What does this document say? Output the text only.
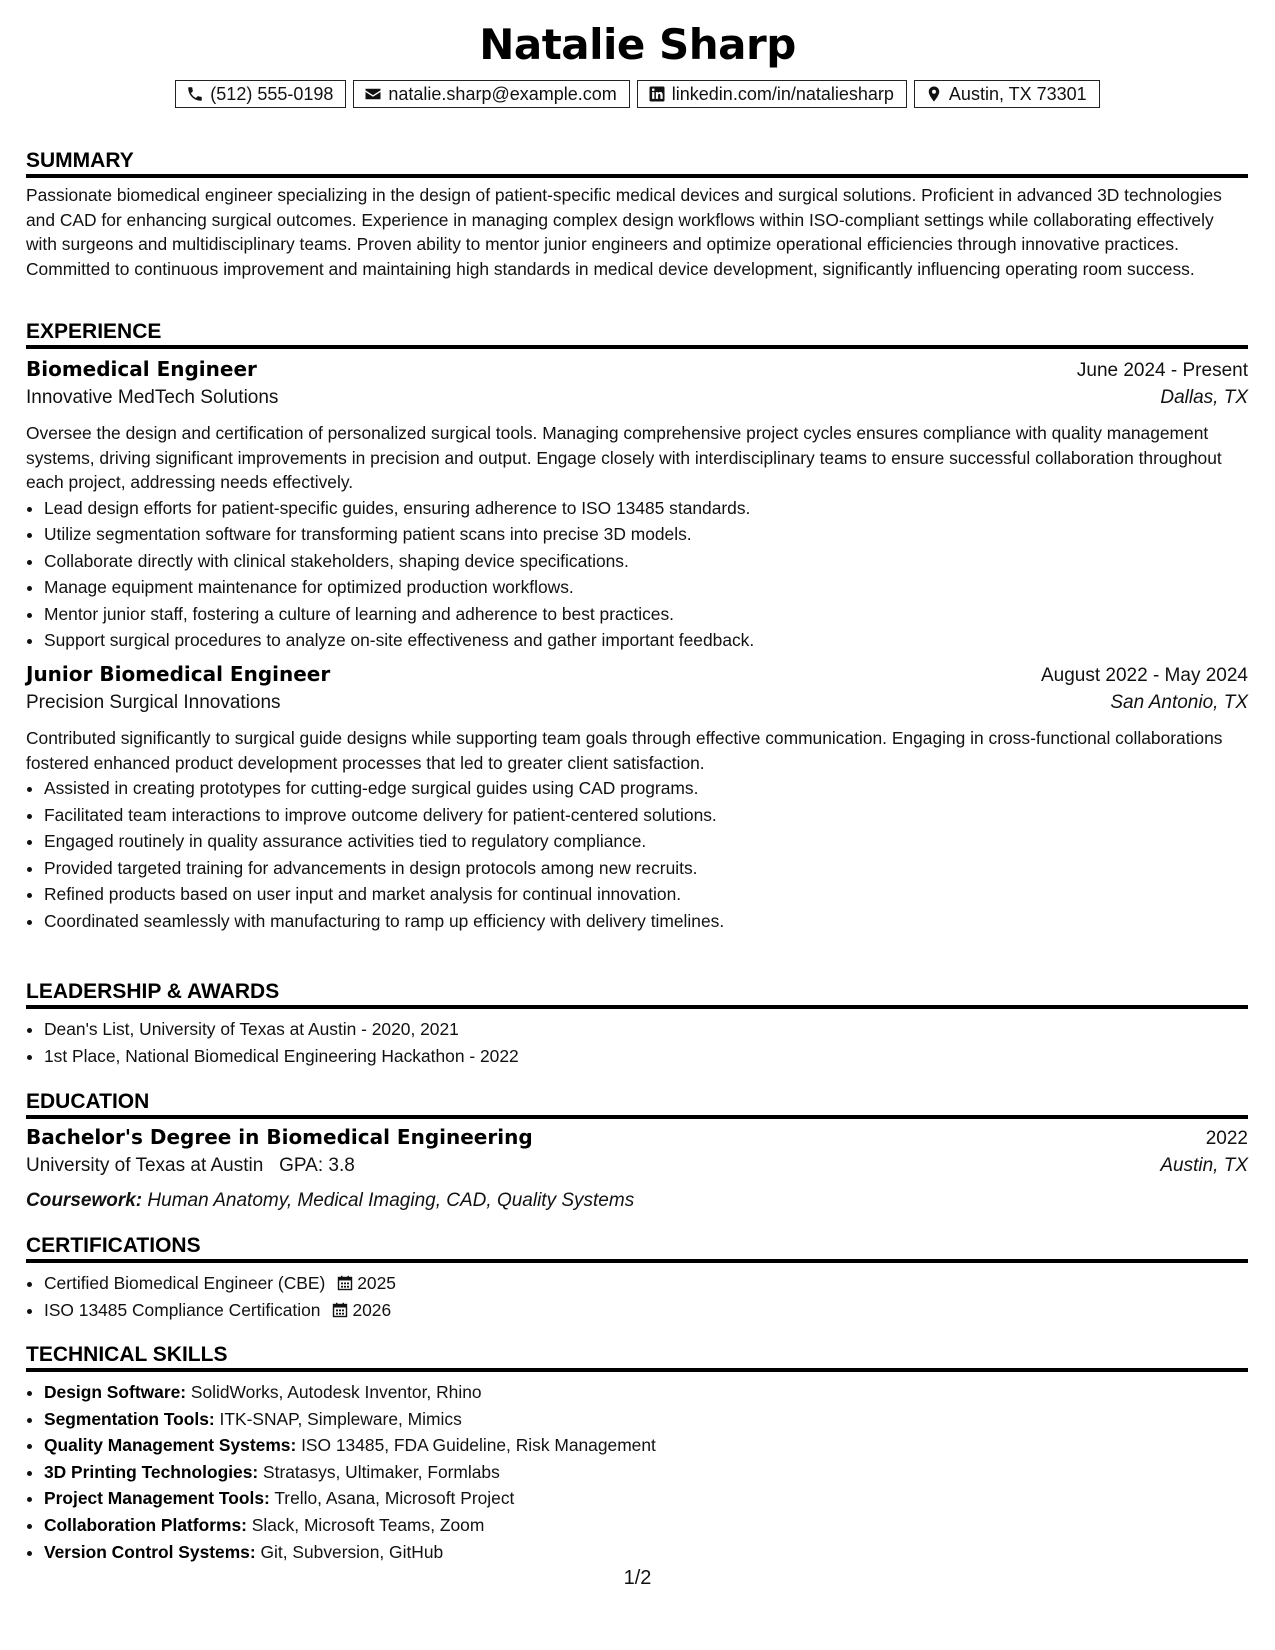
Natalie Sharp
(512) 555-0198	natalie.sharp@example.com	linkedin.com/in/nataliesharp	Austin, TX 73301
SUMMARY
Passionate biomedical engineer specializing in the design of patient-specific medical devices and surgical solutions. Proficient in advanced 3D technologies and CAD for enhancing surgical outcomes. Experience in managing complex design workflows within ISO-compliant settings while collaborating effectively with surgeons and multidisciplinary teams. Proven ability to mentor junior engineers and optimize operational efficiencies through innovative practices. Committed to continuous improvement and maintaining high standards in medical device development, significantly influencing operating room success.
EXPERIENCE
Biomedical Engineer	June 2024 - Present
Innovative MedTech Solutions	Dallas, TX
Oversee the design and certification of personalized surgical tools. Managing comprehensive project cycles ensures compliance with quality management systems, driving significant improvements in precision and output. Engage closely with interdisciplinary teams to ensure successful collaboration throughout each project, addressing needs effectively.
• Lead design efforts for patient-specific guides, ensuring adherence to ISO 13485 standards.
• Utilize segmentation software for transforming patient scans into precise 3D models.
• Collaborate directly with clinical stakeholders, shaping device specifications.
• Manage equipment maintenance for optimized production workflows.
• Mentor junior staff, fostering a culture of learning and adherence to best practices.
• Support surgical procedures to analyze on-site effectiveness and gather important feedback.
Junior Biomedical Engineer	August 2022 - May 2024
Precision Surgical Innovations	San Antonio, TX
Contributed significantly to surgical guide designs while supporting team goals through effective communication. Engaging in cross-functional collaborations fostered enhanced product development processes that led to greater client satisfaction.
• Assisted in creating prototypes for cutting-edge surgical guides using CAD programs.
• Facilitated team interactions to improve outcome delivery for patient-centered solutions.
• Engaged routinely in quality assurance activities tied to regulatory compliance.
• Provided targeted training for advancements in design protocols among new recruits.
• Refined products based on user input and market analysis for continual innovation.
• Coordinated seamlessly with manufacturing to ramp up efficiency with delivery timelines.
LEADERSHIP & AWARDS
• Dean's List, University of Texas at Austin - 2020, 2021
• 1st Place, National Biomedical Engineering Hackathon - 2022
EDUCATION
Bachelor's Degree in Biomedical Engineering	2022
University of Texas at Austin GPA: 3.8	Austin, TX
Coursework: Human Anatomy, Medical Imaging, CAD, Quality Systems
CERTIFICATIONS
• Certified Biomedical Engineer (CBE) 2025
• ISO 13485 Compliance Certification 2026
TECHNICAL SKILLS
• Design Software: SolidWorks, Autodesk Inventor, Rhino
• Segmentation Tools: ITK-SNAP, Simpleware, Mimics
• Quality Management Systems: ISO 13485, FDA Guideline, Risk Management
• 3D Printing Technologies: Stratasys, Ultimaker, Formlabs
• Project Management Tools: Trello, Asana, Microsoft Project
• Collaboration Platforms: Slack, Microsoft Teams, Zoom
• Version Control Systems: Git, Subversion, GitHub
1/2
